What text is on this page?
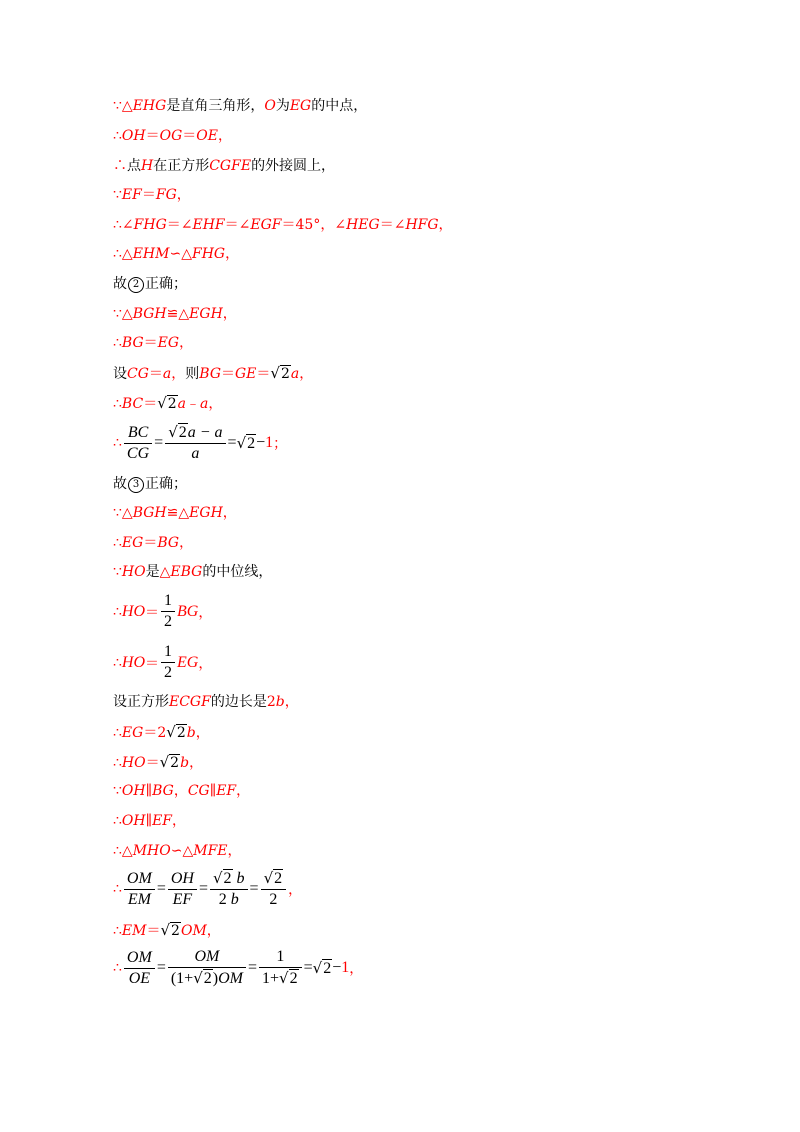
∵△EHG是直角三角形，O为EG的中点，
∴OH＝OG＝OE，
∴点H在正方形CGFE的外接圆上，
∵EF＝FG，
∴∠FHG＝∠EHF＝∠EGF＝45°，∠HEG＝∠HFG，
∴△EHM∽△FHG，
故 2 正确；
∵△BGH≌△EGH，
∴BG＝EG，
设CG＝a，则BG＝GE＝√2a，
∴BC＝√2a﹣a，
∴ $\frac{BC}{CG} = \frac{√2a - a}{a} =√2-1$；
故 3 正确；
∵△BGH≌△EGH，
∴EG＝BG，
∵HO是△EBG的中位线，
∴HO＝ $\frac{1}{2}$ BG，
∴HO＝ $\frac{1}{2}$ EG，
设正方形ECGF的边长是2b，
∴EG＝2√2b，
∴HO＝√2b，
∵OH∥BG，CG∥EF，
∴OH∥EF，
∴△MHO∽△MFE，
∴ $\frac{OM}{EM} = \frac{OH}{EF} = \frac{√2 b}{2 b} = \frac{√2}{2}$ ，
∴EM＝√2OM，
∴ $\frac{OM}{OE} = \frac{OM}{(1+√2)OM} = \frac{1}{1+√2} =√2-1$，
